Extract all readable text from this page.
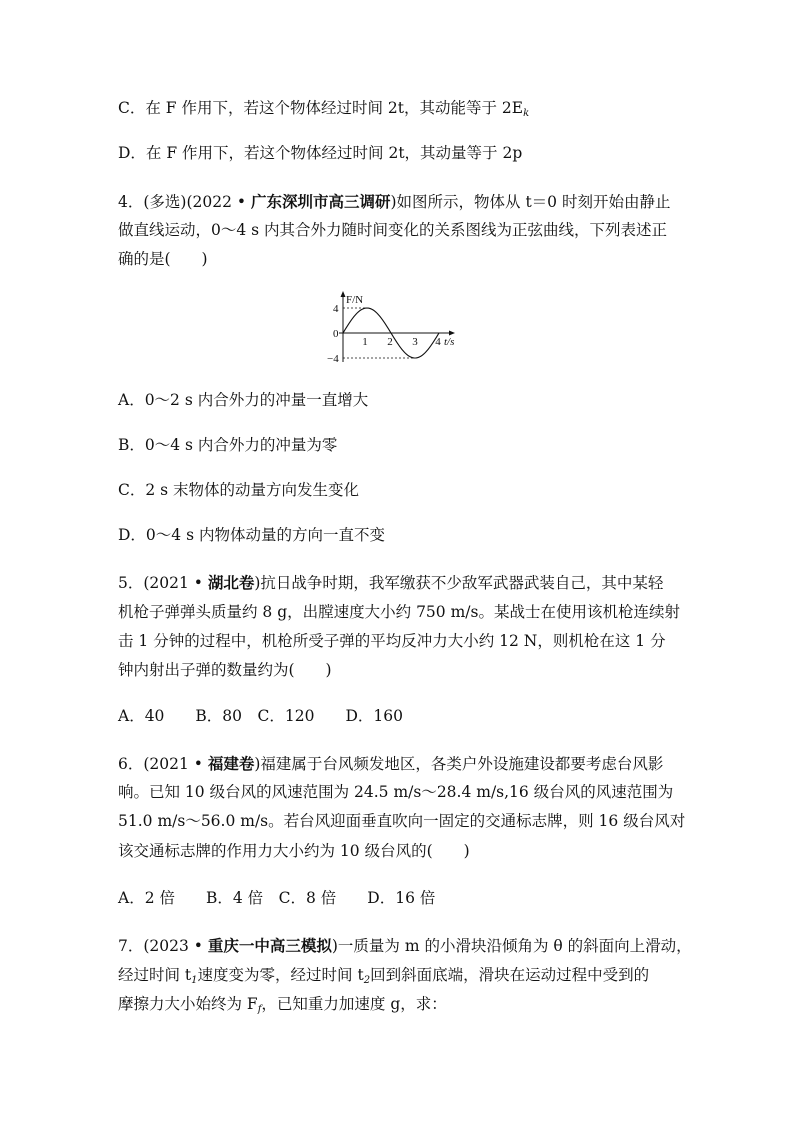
C．在 F 作用下，若这个物体经过时间 2t，其动能等于 $2E_k$
D．在 F 作用下，若这个物体经过时间 2t，其动量等于 2p
4．(多选)(2022 • 广东深圳市高三调研)如图所示，物体从 t＝0 时刻开始由静止
做直线运动，0～4 s 内其合外力随时间变化的关系图线为正弦曲线，下列表述正
确的是(　　)
F/N
4
0
−4
1 2 3 4 t/s
A．0～2 s 内合外力的冲量一直增大
B．0～4 s 内合外力的冲量为零
C．2 s 末物体的动量方向发生变化
D．0～4 s 内物体动量的方向一直不变
5．(2021 • 湖北卷)抗日战争时期，我军缴获不少敌军武器武装自己，其中某轻
机枪子弹弹头质量约 8 g，出膛速度大小约 750 m/s。某战士在使用该机枪连续射
击 1 分钟的过程中，机枪所受子弹的平均反冲力大小约 12 N，则机枪在这 1 分
钟内射出子弹的数量约为(　　)
A．40　　B．80　C．120　　D．160
6．(2021 • 福建卷)福建属于台风频发地区，各类户外设施建设都要考虑台风影
响。已知 10 级台风的风速范围为 24.5 m/s～28.4 m/s,16 级台风的风速范围为
51.0 m/s～56.0 m/s。若台风迎面垂直吹向一固定的交通标志牌，则 16 级台风对
该交通标志牌的作用力大小约为 10 级台风的(　　)
A．2 倍　　B．4 倍　C．8 倍　　D．16 倍
7．(2023 • 重庆一中高三模拟)一质量为 m 的小滑块沿倾角为 θ 的斜面向上滑动，
经过时间 $t_1$速度变为零，经过时间 $t_2$回到斜面底端，滑块在运动过程中受到的
摩擦力大小始终为 $F_f$，已知重力加速度 g，求：
